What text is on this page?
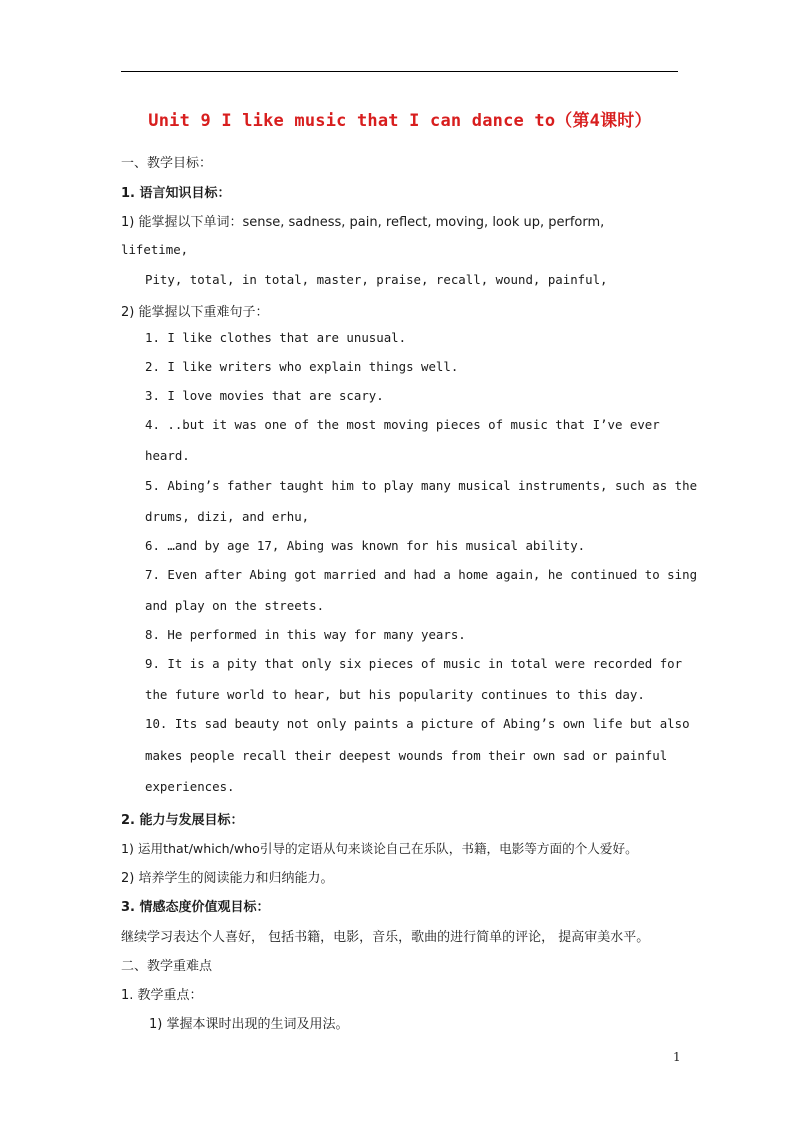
Unit 9 I like music that I can dance to（第4课时）
一、教学目标：
1. 语言知识目标：
1) 能掌握以下单词：sense, sadness, pain, reflect, moving, look up, perform,
lifetime,
Pity, total, in total, master, praise, recall, wound, painful,
2) 能掌握以下重难句子：
1. I like clothes that are unusual.
2. I like writers who explain things well.
3. I love movies that are scary.
4. ..but it was one of the most moving pieces of music that I’ve ever
heard.
5. Abing’s father taught him to play many musical instruments, such as the
drums, dizi, and erhu,
6. …and by age 17, Abing was known for his musical ability.
7. Even after Abing got married and had a home again, he continued to sing
and play on the streets.
8. He performed in this way for many years.
9. It is a pity that only six pieces of music in total were recorded for
the future world to hear, but his popularity continues to this day.
10. Its sad beauty not only paints a picture of Abing’s own life but also
makes people recall their deepest wounds from their own sad or painful
experiences.
2. 能力与发展目标：
1) 运用that/which/who引导的定语从句来谈论自己在乐队，书籍，电影等方面的个人爱好。
2) 培养学生的阅读能力和归纳能力。
3. 情感态度价值观目标：
继续学习表达个人喜好， 包括书籍，电影，音乐，歌曲的进行简单的评论， 提高审美水平。
二、教学重难点
1. 教学重点：
1) 掌握本课时出现的生词及用法。
1
